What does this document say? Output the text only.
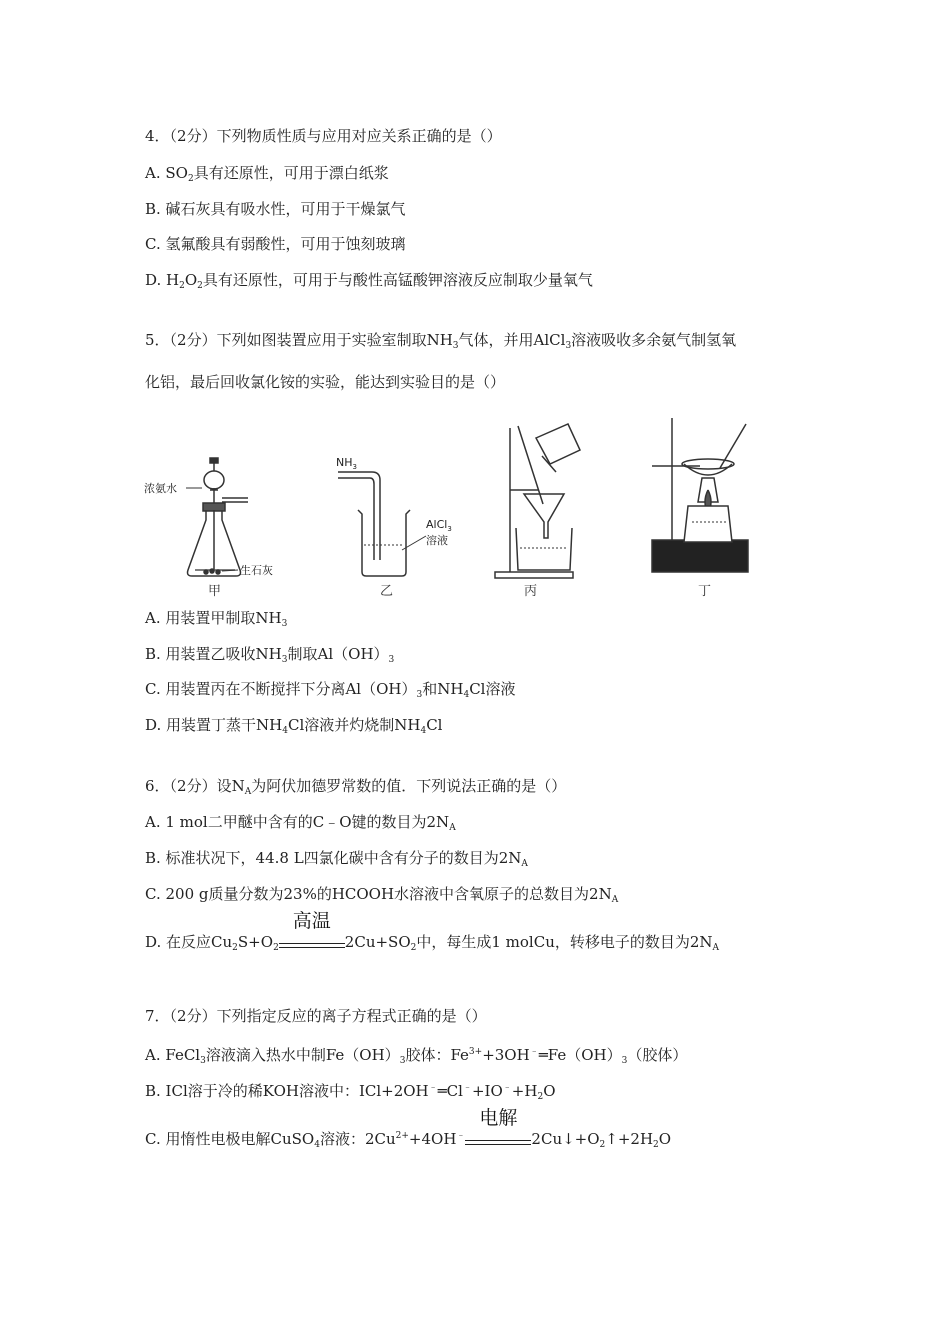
4．（2分）下列物质性质与应用对应关系正确的是（）
A. $SO_2$具有还原性，可用于漂白纸浆
B. 碱石灰具有吸水性，可用于干燥氯气
C. 氢氟酸具有弱酸性，可用于蚀刻玻璃
D. $H_2O_2$具有还原性，可用于与酸性高锰酸钾溶液反应制取少量氧气
5．（2分）下列如图装置应用于实验室制取$NH_3$气体，并用AlCl$_3$溶液吸收多余氨气制氢氧
化铝，最后回收氯化铵的实验，能达到实验目的是（）
浓氨水
生石灰
甲
$NH_3$
AlCl$_3$
溶液
乙	丙	丁
A. 用装置甲制取$NH_3$
B. 用装置乙吸收$NH_3$制取$Al(OH)_3$
C. 用装置丙在不断搅拌下分离$Al(OH)_3$和$NH_4Cl$溶液
D. 用装置丁蒸干$NH_4Cl$溶液并灼烧制$NH_4Cl$
6．（2分）设$N_A$为阿伏加德罗常数的值．下列说法正确的是（）
A. 1 mol二甲醚中含有的C﹣O键的数目为$2N_A$
B. 标准状况下，44.8 L四氯化碳中含有分子的数目为$2N_A$
C. 200 g质量分数为23%的HCOOH水溶液中含氧原子的总数目为$2N_A$
D. 在反应$Cu_2S+O_2$
高温
$2Cu+SO_2$中，每生成1 molCu，转移电子的数目为$2N_A$
7．（2分）下列指定反应的离子方程式正确的是（）
A. FeCl$_3$溶液滴入热水中制$Fe(OH)_3$胶体：$Fe^{3+}+3OH^﹣═Fe(OH)_3$（胶体）
B. ICl溶于冷的稀KOH溶液中：$ICl+2OH^﹣═Cl^﹣+IO^﹣+H_2O$
C. 用惰性电极电解CuSO$_4$溶液：$2Cu^{2+}+4OH^﹣$
电解
$2Cu↓+O_2↑+2H_2O$
